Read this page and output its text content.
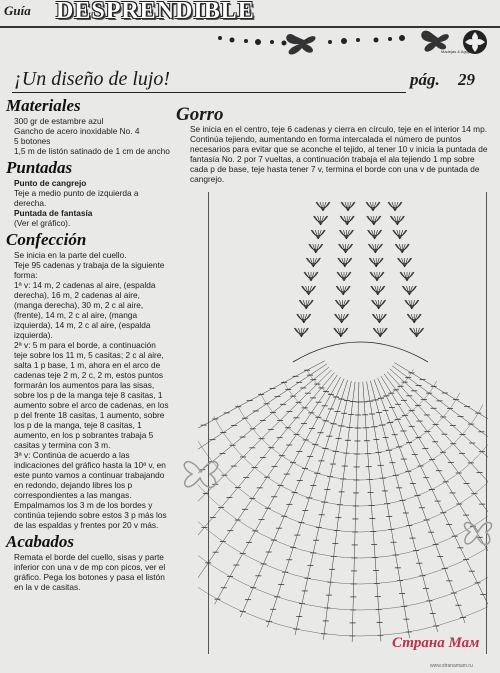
Guía DESPRENDIBLE
Madejas & Agujas
¡Un diseño de lujo!	pág. 29
Materiales

300 gr de estambre azul

Gancho de acero inoxidable No. 4

5 botones

1,5 m de listón satinado de 1 cm de ancho

Puntadas

Punto de cangrejo

Teje a medio punto de izquierda a derecha.

Puntada de fantasía

(Ver el gráfico).

Confección

Se inicia en la parte del cuello.

Teje 95 cadenas y trabaja de la siguiente forma:

1ª v: 14 m, 2 cadenas al aire, (espalda derecha), 16 m, 2 cadenas al aire, (manga derecha), 30 m, 2 c al aire, (frente), 14 m, 2 c al aire, (manga izquierda), 14 m, 2 c al aire, (espalda izquierda).

2ª v: 5 m para el borde, a continuación teje sobre los 11 m, 5 casitas; 2 c al aire, salta 1 p base, 1 m, ahora en el arco de cadenas teje 2 m, 2 c, 2 m, estos puntos formarán los aumentos para las sisas, sobre los p de la manga teje 8 casitas, 1 aumento sobre el arco de cadenas, en los p del frente 18 casitas, 1 aumento, sobre los p de la manga, teje 8 casitas, 1 aumento, en los p sobrantes trabaja 5 casitas y termina con 3 m.

3ª v: Continúa de acuerdo a las indicaciones del gráfico hasta la 10ª v, en este punto vamos a continuar trabajando en redondo, dejando libres los p correspondientes a las mangas. Empalmamos los 3 m de los bordes y continúa tejiendo sobre estos 3 p más los de las espaldas y frentes por 20 v más.

Acabados

Remata el borde del cuello, sisas y parte inferior con una v de mp con picos, ver el gráfico. Pega los botones y pasa el listón en la v de casitas.

Gorro
Se inicia en el centro, teje 6 cadenas y cierra en círculo, teje en el interior 14 mp. Continúa tejiendo, aumentando en forma intercalada el número de puntos necesarios para evitar que se aconche el tejido, al tener 10 v inicia la puntada de fantasía No. 2 por 7 vueltas, a continuación trabaja el ala tejiendo 1 mp sobre cada p de base, teje hasta tener 7 v, termina el borde con una v de puntada de cangrejo.
Страна Мам
www.stranamam.ru
